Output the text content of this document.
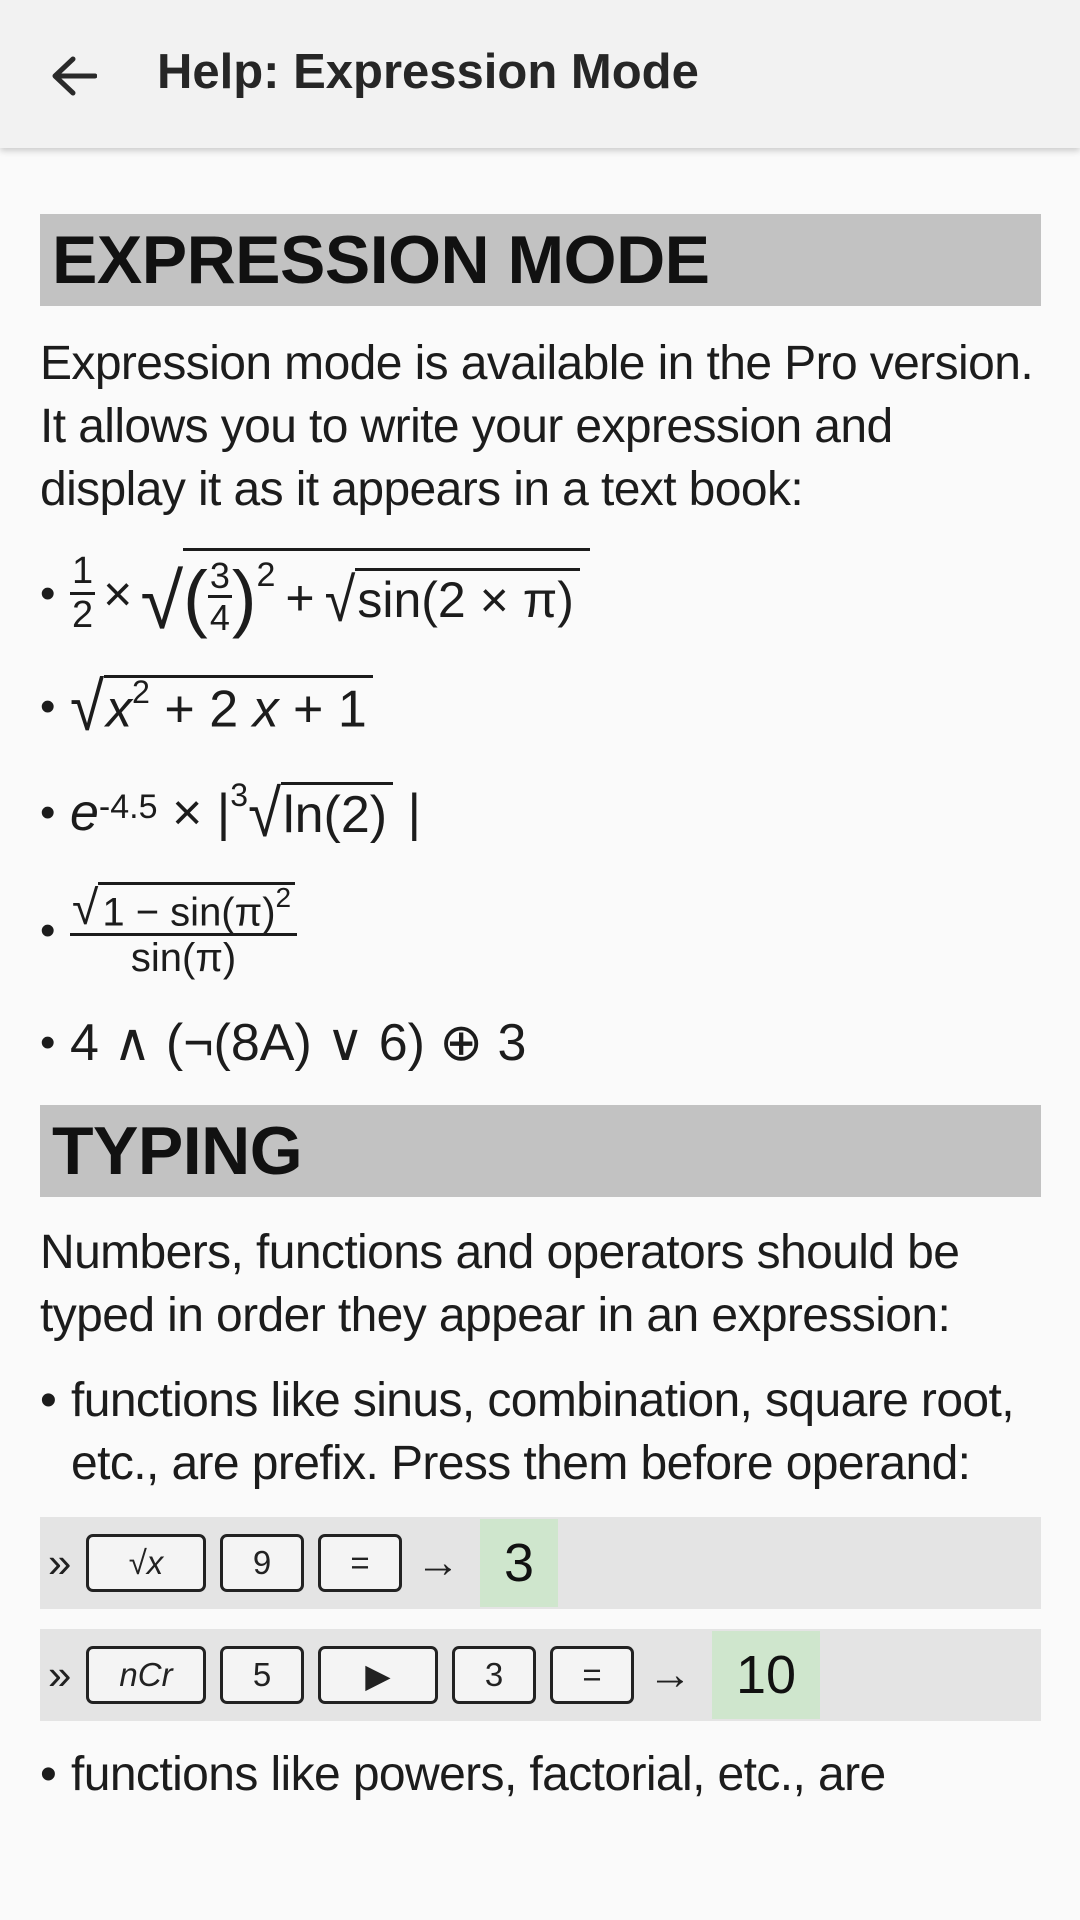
Help: Expression Mode
EXPRESSION MODE

Expression mode is available in the Pro version. It allows you to write your expression and display it as it appears in a text book:

• $\frac{1}{2}$ × √ ( $\frac{3}{4} )^2$ + √ sin(2 × π)
• √ $x^2 + 2$ x + 1
• $e^{-4.5} \times |^3$ √ ln(2) |
• $\frac{√ 1 - \sin(\pi)^2}{\sin(\pi)}$
• 4 ∧ (¬(8A) ∨ 6) ⊕ 3
TYPING

Numbers, functions and operators should be typed in order they appear in an expression:

• functions like sinus, combination, square root, etc., are prefix. Press them before operand:
»	√x	9	=	→ 3
»	nCr	5	▶	3	=	→ 10
• functions like powers, factorial, etc., are
